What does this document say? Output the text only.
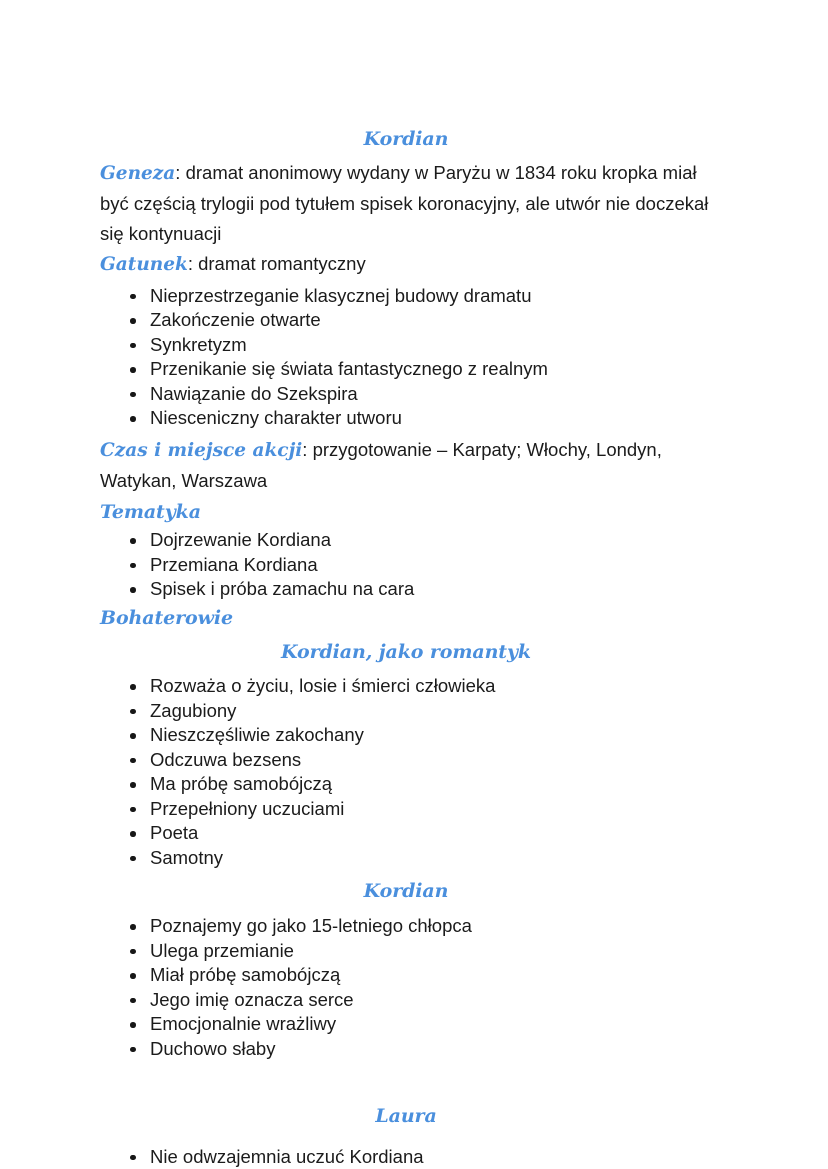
Kordian

Geneza: dramat anonimowy wydany w Paryżu w 1834 roku kropka miał być częścią trylogii pod tytułem spisek koronacyjny, ale utwór nie doczekał się kontynuacji

Gatunek: dramat romantyczny

Nieprzestrzeganie klasycznej budowy dramatu
Zakończenie otwarte
Synkretyzm
Przenikanie się świata fantastycznego z realnym
Nawiązanie do Szekspira
Niesceniczny charakter utworu

Czas i miejsce akcji: przygotowanie – Karpaty; Włochy, Londyn, Watykan, Warszawa

Tematyka
Dojrzewanie Kordiana
Przemiana Kordiana
Spisek i próba zamachu na cara
Bohaterowie
Kordian, jako romantyk
Rozważa o życiu, losie i śmierci człowieka
Zagubiony
Nieszczęśliwie zakochany
Odczuwa bezsens
Ma próbę samobójczą
Przepełniony uczuciami
Poeta
Samotny
Kordian
Poznajemy go jako 15-letniego chłopca
Ulega przemianie
Miał próbę samobójczą
Jego imię oznacza serce
Emocjonalnie wrażliwy
Duchowo słaby
Laura
Nie odwzajemnia uczuć Kordiana
